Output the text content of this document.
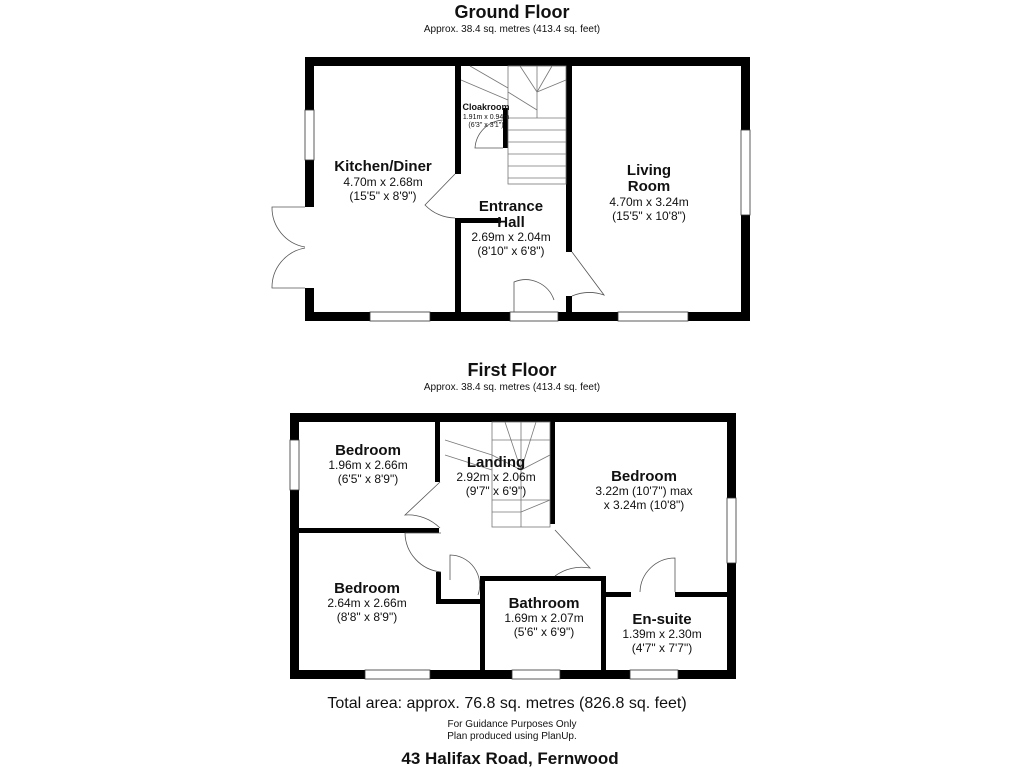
Ground Floor
Approx. 38.4 sq. metres (413.4 sq. feet)
First Floor
Approx. 38.4 sq. metres (413.4 sq. feet)
Kitchen/Diner
4.70m x 2.68m
(15'5" x 8'9")
Cloakroom
1.91m x 0.94m
(6'3" x 3'1")
Entrance
Hall
2.69m x 2.04m
(8'10" x 6'8")
Living
Room
4.70m x 3.24m
(15'5" x 10'8")
Bedroom
1.96m x 2.66m
(6'5" x 8'9")
Landing
2.92m x 2.06m
(9'7" x 6'9")
Bedroom
3.22m (10'7") max
x 3.24m (10'8")
Bedroom
2.64m x 2.66m
(8'8" x 8'9")
Bathroom
1.69m x 2.07m
(5'6" x 6'9")
En-suite
1.39m x 2.30m
(4'7" x 7'7")
Total area: approx. 76.8 sq. metres (826.8 sq. feet)
For Guidance Purposes Only
Plan produced using PlanUp.
43 Halifax Road, Fernwood
